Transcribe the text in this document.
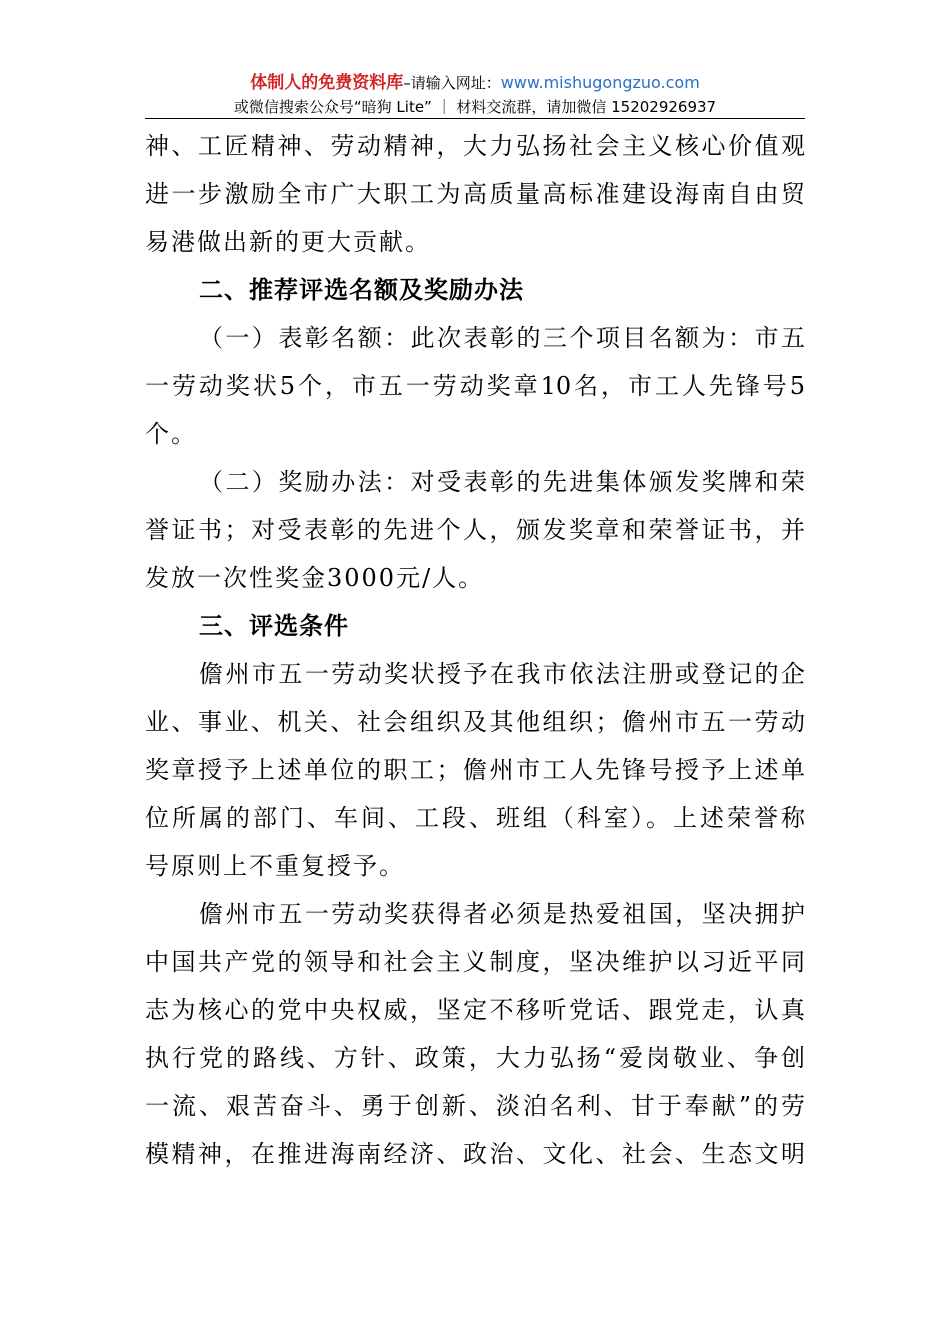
体制人的免费资料库–请输入网址：www.mishugongzuo.com
或微信搜索公众号“暗狗 Lite” ｜ 材料交流群，请加微信 15202926937
神、工匠精神、劳动精神，大力弘扬社会主义核心价值观
进一步激励全市广大职工为高质量高标准建设海南自由贸
易港做出新的更大贡献。
二、推荐评选名额及奖励办法
（一）表彰名额：此次表彰的三个项目名额为：市五
一劳动奖状5个，市五一劳动奖章10名，市工人先锋号5
个。
（二）奖励办法：对受表彰的先进集体颁发奖牌和荣
誉证书；对受表彰的先进个人，颁发奖章和荣誉证书，并
发放一次性奖金3000元/人。
三、评选条件
儋州市五一劳动奖状授予在我市依法注册或登记的企
业、事业、机关、社会组织及其他组织；儋州市五一劳动
奖章授予上述单位的职工；儋州市工人先锋号授予上述单
位所属的部门、车间、工段、班组（科室）。上述荣誉称
号原则上不重复授予。
儋州市五一劳动奖获得者必须是热爱祖国，坚决拥护
中国共产党的领导和社会主义制度，坚决维护以习近平同
志为核心的党中央权威，坚定不移听党话、跟党走，认真
执行党的路线、方针、政策，大力弘扬“爱岗敬业、争创
一流、艰苦奋斗、勇于创新、淡泊名利、甘于奉献”的劳
模精神，在推进海南经济、政治、文化、社会、生态文明
